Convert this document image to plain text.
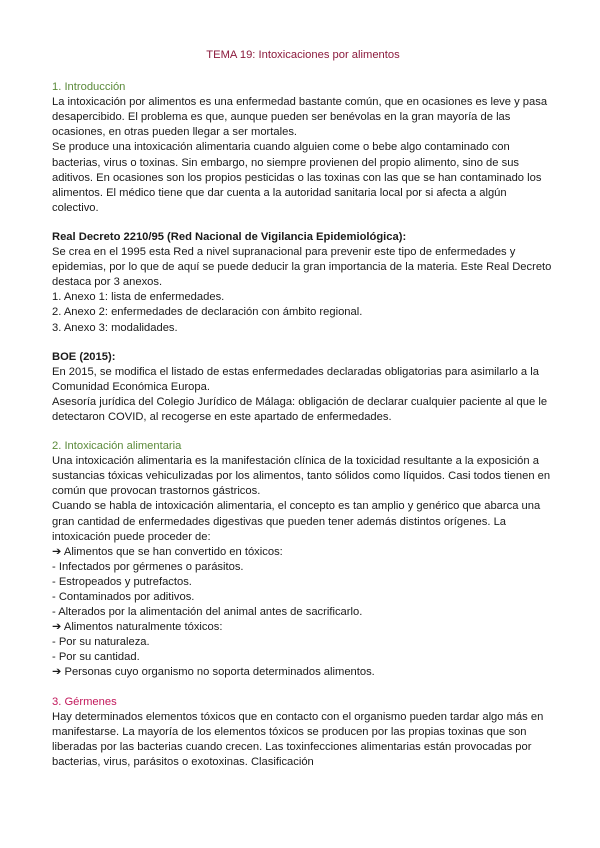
TEMA 19: Intoxicaciones por alimentos
1. Introducción

La intoxicación por alimentos es una enfermedad bastante común, que en ocasiones es leve y pasa desapercibido. El problema es que, aunque pueden ser benévolas en la gran mayoría de las ocasiones, en otras pueden llegar a ser mortales.

Se produce una intoxicación alimentaria cuando alguien come o bebe algo contaminado con bacterias, virus o toxinas. Sin embargo, no siempre provienen del propio alimento, sino de sus aditivos. En ocasiones son los propios pesticidas o las toxinas con las que se han contaminado los alimentos. El médico tiene que dar cuenta a la autoridad sanitaria local por si afecta a algún colectivo.

Real Decreto 2210/95 (Red Nacional de Vigilancia Epidemiológica):

Se crea en el 1995 esta Red a nivel supranacional para prevenir este tipo de enfermedades y epidemias, por lo que de aquí se puede deducir la gran importancia de la materia. Este Real Decreto destaca por 3 anexos.

1. Anexo 1: lista de enfermedades.
2. Anexo 2: enfermedades de declaración con ámbito regional.
3. Anexo 3: modalidades.
BOE (2015):

En 2015, se modifica el listado de estas enfermedades declaradas obligatorias para asimilarlo a la Comunidad Económica Europa.

Asesoría jurídica del Colegio Jurídico de Málaga: obligación de declarar cualquier paciente al que le detectaron COVID, al recogerse en este apartado de enfermedades.

2. Intoxicación alimentaria

Una intoxicación alimentaria es la manifestación clínica de la toxicidad resultante a la exposición a sustancias tóxicas vehiculizadas por los alimentos, tanto sólidos como líquidos. Casi todos tienen en común que provocan trastornos gástricos.

Cuando se habla de intoxicación alimentaria, el concepto es tan amplio y genérico que abarca una gran cantidad de enfermedades digestivas que pueden tener además distintos orígenes. La intoxicación puede proceder de:

➔ Alimentos que se han convertido en tóxicos:
- Infectados por gérmenes o parásitos.
- Estropeados y putrefactos.
- Contaminados por aditivos.
- Alterados por la alimentación del animal antes de sacrificarlo.
➔ Alimentos naturalmente tóxicos:
- Por su naturaleza.
- Por su cantidad.
➔ Personas cuyo organismo no soporta determinados alimentos.
3. Gérmenes

Hay determinados elementos tóxicos que en contacto con el organismo pueden tardar algo más en manifestarse. La mayoría de los elementos tóxicos se producen por las propias toxinas que son liberadas por las bacterias cuando crecen. Las toxinfecciones alimentarias están provocadas por bacterias, virus, parásitos o exotoxinas. Clasificación
